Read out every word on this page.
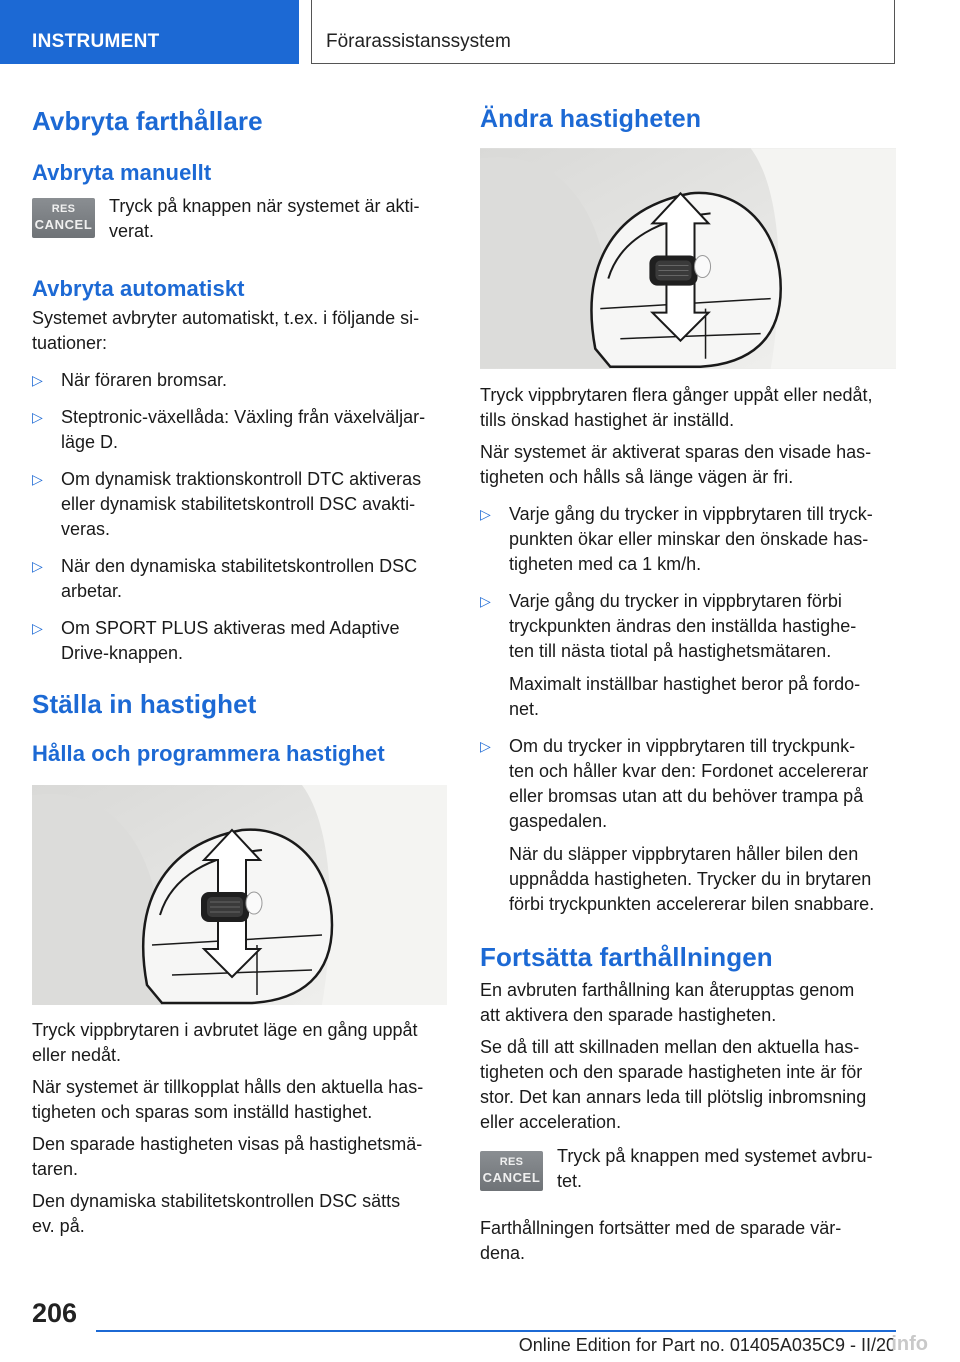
INSTRUMENT	Förarassistanssystem
Avbryta farthållare
Avbryta manuellt
RES
CANCEL

Tryck på knappen när systemet är akti-
verat.

Avbryta automatiskt

Systemet avbryter automatiskt, t.ex. i följande si-
tuationer:

▷ När föraren bromsar.
▷ Steptronic-växellåda: Växling från växelväljar-
läge D.
▷ Om dynamisk traktionskontroll DTC aktiveras
eller dynamisk stabilitetskontroll DSC avakti-
veras.
▷ När den dynamiska stabilitetskontrollen DSC
arbetar.
▷ Om SPORT PLUS aktiveras med Adaptive
Drive-knappen.
Ställa in hastighet
Hålla och programmera hastighet

Tryck vippbrytaren i avbrutet läge en gång uppåt
eller nedåt.

När systemet är tillkopplat hålls den aktuella has-
tigheten och sparas som inställd hastighet.

Den sparade hastigheten visas på hastighetsmä-
taren.

Den dynamiska stabilitetskontrollen DSC sätts
ev. på.

Ändra hastigheten

Tryck vippbrytaren flera gånger uppåt eller nedåt,
tills önskad hastighet är inställd.

När systemet är aktiverat sparas den visade has-
tigheten och hålls så länge vägen är fri.

▷ Varje gång du trycker in vippbrytaren till tryck-
punkten ökar eller minskar den önskade has-
tigheten med ca 1 km/h.
▷ Varje gång du trycker in vippbrytaren förbi
tryckpunkten ändras den inställda hastighe-
ten till nästa tiotal på hastighetsmätaren.
Maximalt inställbar hastighet beror på fordo-
net.
▷ Om du trycker in vippbrytaren till tryckpunk-
ten och håller kvar den: Fordonet accelererar
eller bromsas utan att du behöver trampa på
gaspedalen.
När du släpper vippbrytaren håller bilen den
uppnådda hastigheten. Trycker du in brytaren
förbi tryckpunkten accelererar bilen snabbare.
Fortsätta farthållningen

En avbruten farthållning kan återupptas genom
att aktivera den sparade hastigheten.

Se då till att skillnaden mellan den aktuella has-
tigheten och den sparade hastigheten inte är för
stor. Det kan annars leda till plötslig inbromsning
eller acceleration.

RES
CANCEL

Tryck på knappen med systemet avbru-
tet.

Farthållningen fortsätter med de sparade vär-
dena.

206
Online Edition for Part no. 01405A035C9 - II/20
info
